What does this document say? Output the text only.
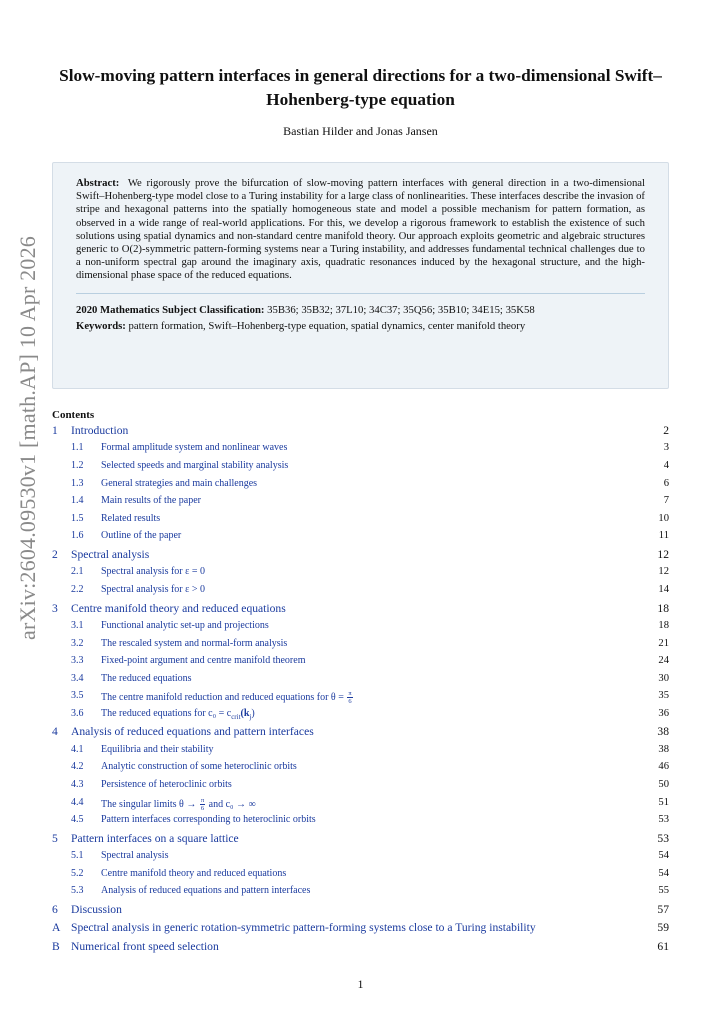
arXiv:2604.09530v1 [math.AP] 10 Apr 2026
Slow-moving pattern interfaces in general directions for a two-dimensional Swift–Hohenberg-type equation
Bastian Hilder and Jonas Jansen

Abstract: We rigorously prove the bifurcation of slow-moving pattern interfaces with general direction in a two-dimensional Swift–Hohenberg-type model close to a Turing instability for a large class of nonlinearities. These interfaces describe the invasion of stripe and hexagonal patterns into the spatially homogeneous state and model a possible mechanism for pattern formation, as observed in a wide range of real-world applications. For this, we develop a rigorous framework to establish the existence of such solutions using spatial dynamics and non-standard centre manifold theory. Our approach exploits geometric and algebraic structures generic to O(2)-symmetric pattern-forming systems near a Turing instability, and addresses fundamental technical challenges due to a non-uniform spectral gap around the imaginary axis, quadratic resonances induced by the hexagonal structure, and the high-dimensional phase space of the reduced equations.

2020 Mathematics Subject Classification: 35B36; 35B32; 37L10; 34C37; 35Q56; 35B10; 34E15; 35K58

Keywords: pattern formation, Swift–Hohenberg-type equation, spatial dynamics, center manifold theory

Contents
1 Introduction	2
1.1 Formal amplitude system and nonlinear waves	3
1.2 Selected speeds and marginal stability analysis	4
1.3 General strategies and main challenges	6
1.4 Main results of the paper	7
1.5 Related results	10
1.6 Outline of the paper	11
2 Spectral analysis	12
2.1 Spectral analysis for ε = 0	12
2.2 Spectral analysis for ε > 0	14
3 Centre manifold theory and reduced equations	18
3.1 Functional analytic set-up and projections	18
3.2 The rescaled system and normal-form analysis	21
3.3 Fixed-point argument and centre manifold theorem	24
3.4 The reduced equations	30
3.5 The centre manifold reduction and reduced equations for $\theta = \frac{\pi}{6}$	35
3.6 The reduced equations for $c_0 = c_{crit}(k_j)$	36
4 Analysis of reduced equations and pattern interfaces	38
4.1 Equilibria and their stability	38
4.2 Analytic construction of some heteroclinic orbits	46
4.3 Persistence of heteroclinic orbits	50
4.4 The singular limits $\theta \to \frac{\pi}{6}$ and c₀ → ∞	51
4.5 Pattern interfaces corresponding to heteroclinic orbits	53
5 Pattern interfaces on a square lattice	53
5.1 Spectral analysis	54
5.2 Centre manifold theory and reduced equations	54
5.3 Analysis of reduced equations and pattern interfaces	55
6 Discussion	57
A Spectral analysis in generic rotation-symmetric pattern-forming systems close to a Turing instability	59
B Numerical front speed selection	61
1
